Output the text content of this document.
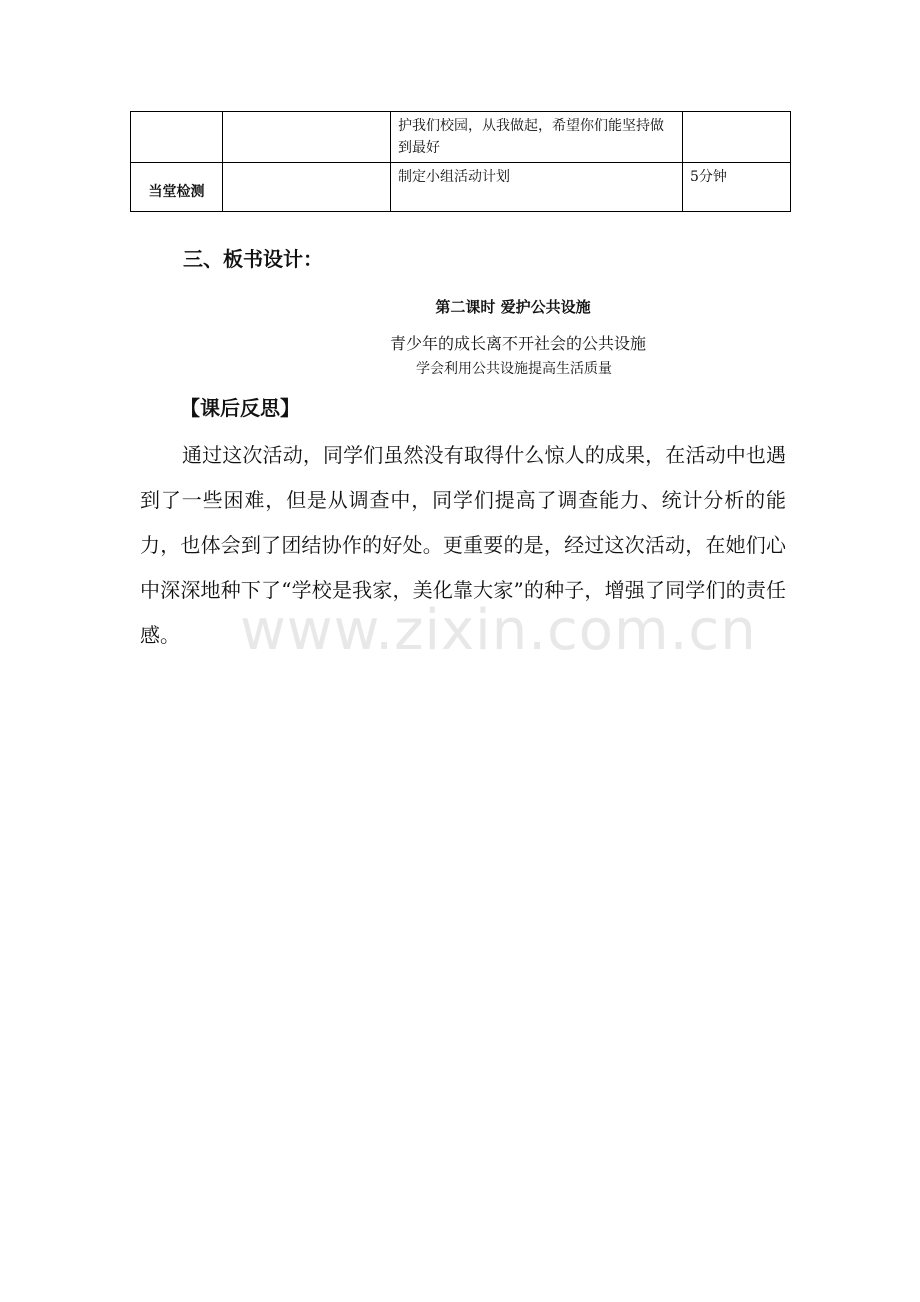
		护我们校园，从我做起，希望你们能坚持做到最好	
当堂检测		制定小组活动计划	5分钟
三、板书设计：

第二课时 爱护公共设施

青少年的成长离不开社会的公共设施

学会利用公共设施提高生活质量

【课后反思】

通过这次活动，同学们虽然没有取得什么惊人的成果，在活动中也遇到了一些困难，但是从调查中，同学们提高了调查能力、统计分析的能力，也体会到了团结协作的好处。更重要的是，经过这次活动，在她们心中深深地种下了“学校是我家，美化靠大家”的种子，增强了同学们的责任感。	www.zixin.com.cn
